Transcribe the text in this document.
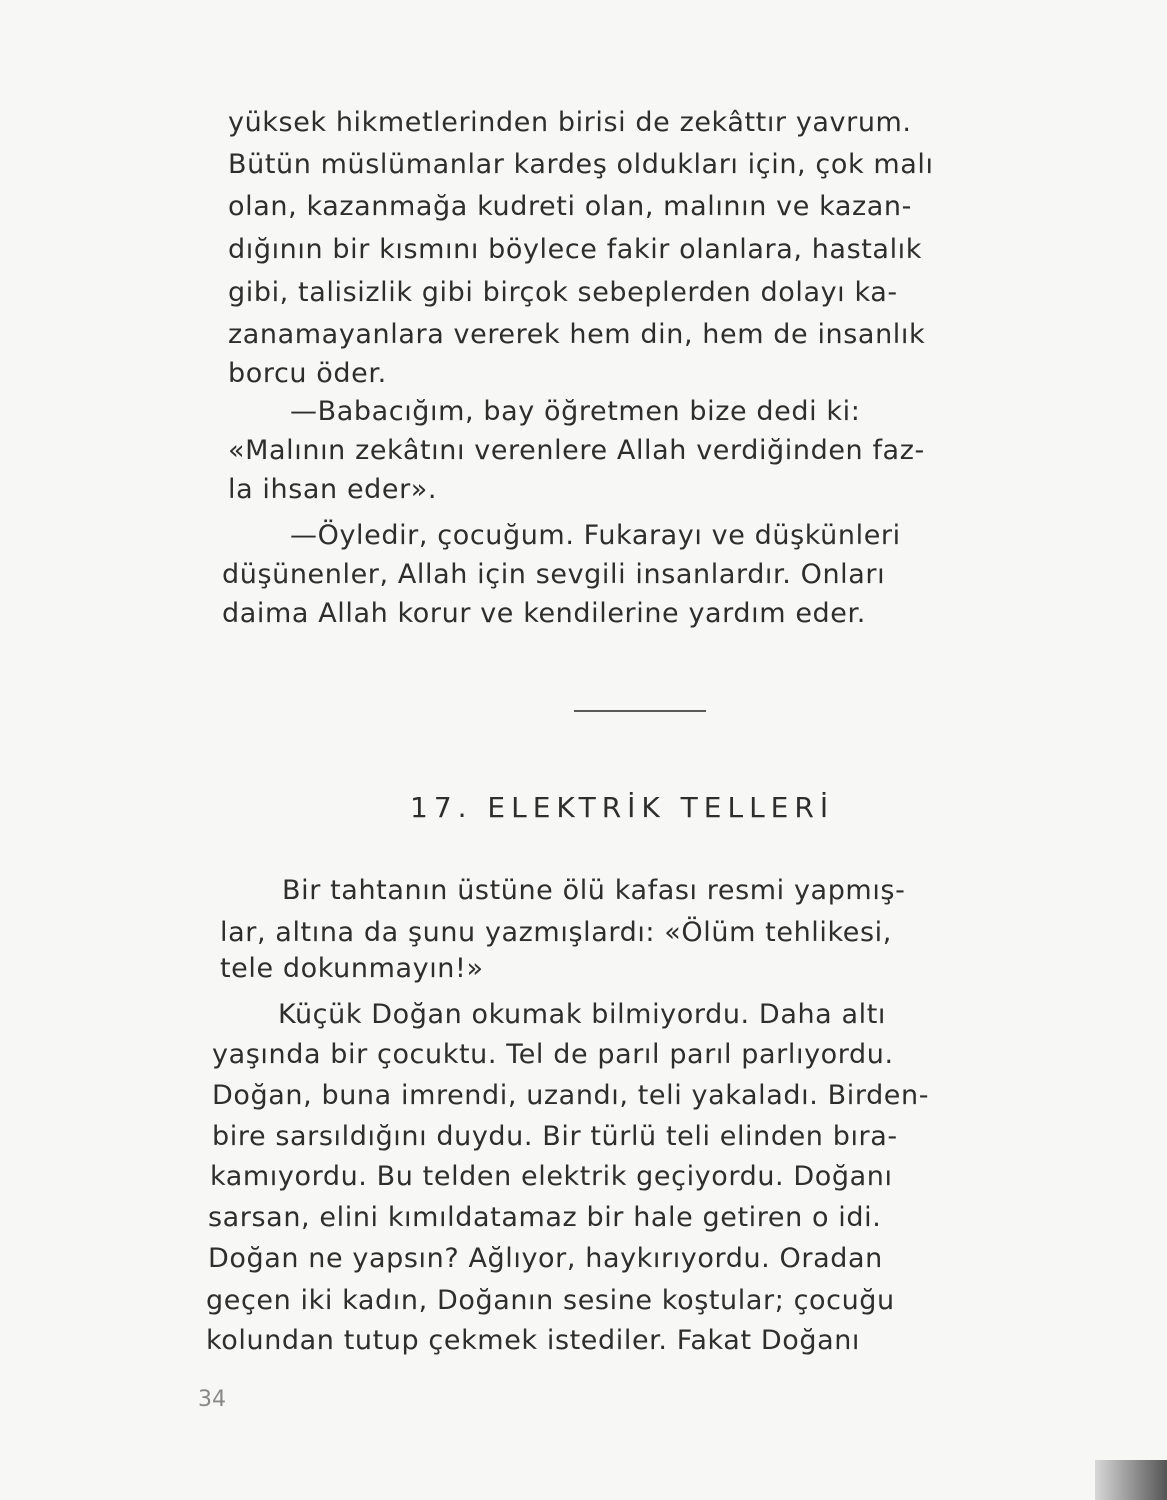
yüksek hikmetlerinden birisi de zekâttır yavrum.
Bütün müslümanlar kardeş oldukları için, çok malı
olan, kazanmağa kudreti olan, malının ve kazan-
dığının bir kısmını böylece fakir olanlara, hastalık
gibi, talisizlik gibi birçok sebeplerden dolayı ka-
zanamayanlara vererek hem din, hem de insanlık
borcu öder.
—Babacığım, bay öğretmen bize dedi ki:
«Malının zekâtını verenlere Allah verdiğinden faz-
la ihsan eder».
—Öyledir, çocuğum. Fukarayı ve düşkünleri
düşünenler, Allah için sevgili insanlardır. Onları
daima Allah korur ve kendilerine yardım eder.
17. ELEKTRİK TELLERİ
Bir tahtanın üstüne ölü kafası resmi yapmış-
lar, altına da şunu yazmışlardı: «Ölüm tehlikesi,
tele dokunmayın!»
Küçük Doğan okumak bilmiyordu. Daha altı
yaşında bir çocuktu. Tel de parıl parıl parlıyordu.
Doğan, buna imrendi, uzandı, teli yakaladı. Birden-
bire sarsıldığını duydu. Bir türlü teli elinden bıra-
kamıyordu. Bu telden elektrik geçiyordu. Doğanı
sarsan, elini kımıldatamaz bir hale getiren o idi.
Doğan ne yapsın? Ağlıyor, haykırıyordu. Oradan
geçen iki kadın, Doğanın sesine koştular; çocuğu
kolundan tutup çekmek istediler. Fakat Doğanı
34
